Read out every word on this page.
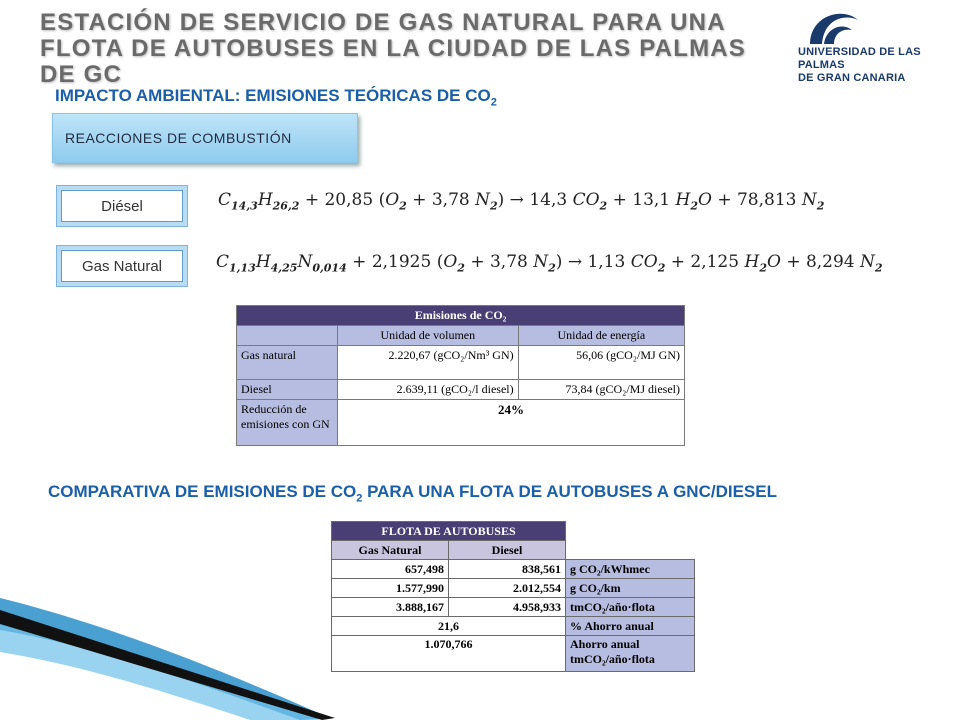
ESTACIÓN DE SERVICIO DE GAS NATURAL PARA UNA FLOTA DE AUTOBUSES EN LA CIUDAD DE LAS PALMAS DE GC
UNIVERSIDAD DE LAS PALMAS
DE GRAN CANARIA
IMPACTO AMBIENTAL: EMISIONES TEÓRICAS DE $CO_2$
REACCIONES DE COMBUSTIÓN
Diésel
Gas Natural
$C_{14,3}H_{26,2} + 20,85$ ($O_2 + 3,78$ $N_2) \to 14,3$ $CO_2 + 13,1$ $H_2O + 78,813$ $N_2$
$C_{1,13}H_{4,25}N_{0,014} + 2,1925$ ($O_2 + 3,78$ $N_2) \to 1,13$ $CO_2 + 2,125$ $H_2O + 8,294$ $N_2$
Emisiones de CO₂		
	Unidad de volumen	Unidad de energía
Gas natural	2.220,67 (gCO₂/Nm³ GN)	56,06 (gCO₂/MJ GN)
Diesel	2.639,11 (gCO₂/l diesel)	73,84 (gCO₂/MJ diesel)
Reducción de emisiones con GN	24%	
COMPARATIVA DE EMISIONES DE $CO_2$ PARA UNA FLOTA DE AUTOBUSES A GNC/DIESEL
FLOTA DE AUTOBUSES		
Gas Natural	Diesel	
657,498	838,561	g CO₂/kWhmec
1.577,990	2.012,554	g CO₂/km
3.888,167	4.958,933	tmCO₂/año·flota
21,6		% Ahorro anual
1.070,766		Ahorro anual tmCO₂/año·flota
